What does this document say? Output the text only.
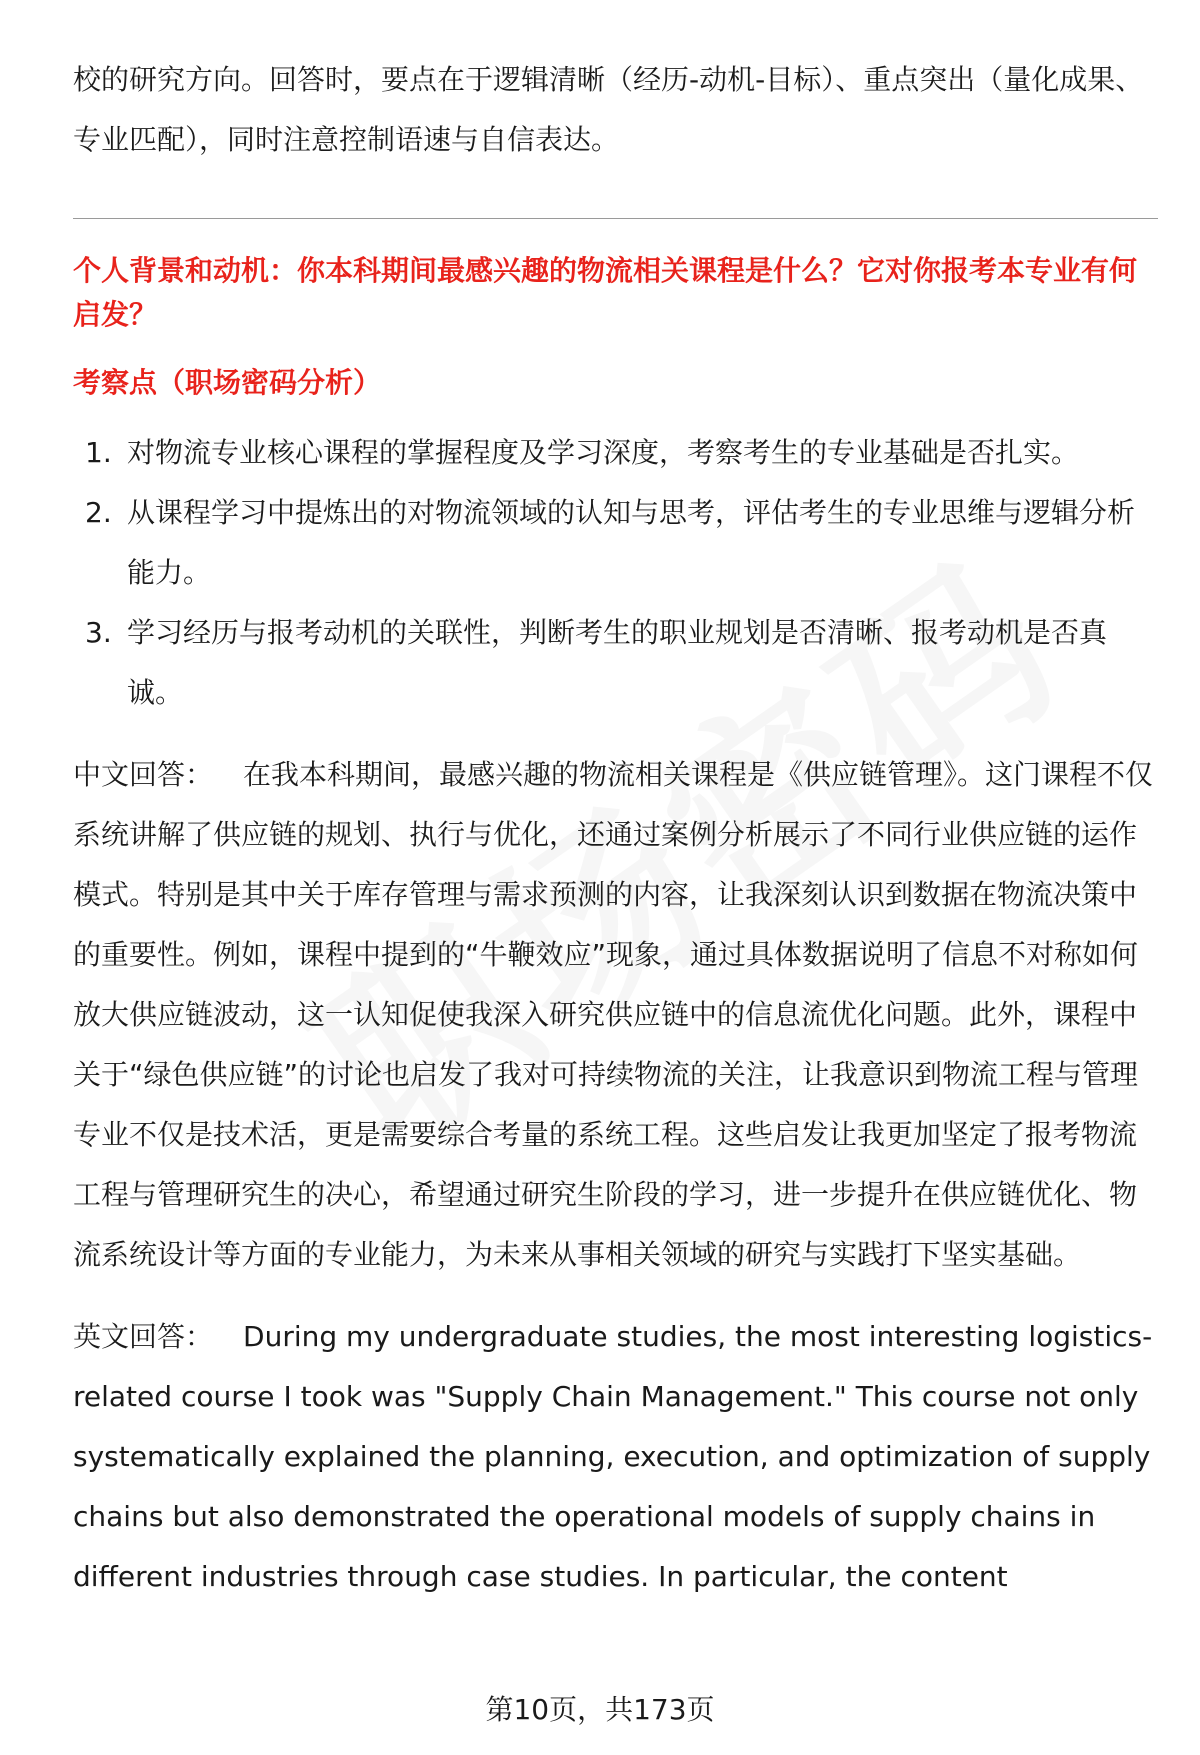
校的研究方向。回答时，要点在于逻辑清晰（经历-动机-目标）、重点突出（量化成果、专业匹配），同时注意控制语速与自信表达。

个人背景和动机：你本科期间最感兴趣的物流相关课程是什么？它对你报考本专业有何启发？

考察点（职场密码分析）

1. 对物流专业核心课程的掌握程度及学习深度，考察考生的专业基础是否扎实。
2. 从课程学习中提炼出的对物流领域的认知与思考，评估考生的专业思维与逻辑分析能力。
3. 学习经历与报考动机的关联性，判断考生的职业规划是否清晰、报考动机是否真诚。

中文回答： 在我本科期间，最感兴趣的物流相关课程是《供应链管理》。这门课程不仅系统讲解了供应链的规划、执行与优化，还通过案例分析展示了不同行业供应链的运作模式。特别是其中关于库存管理与需求预测的内容，让我深刻认识到数据在物流决策中的重要性。例如，课程中提到的“牛鞭效应”现象，通过具体数据说明了信息不对称如何放大供应链波动，这一认知促使我深入研究供应链中的信息流优化问题。此外，课程中关于“绿色供应链”的讨论也启发了我对可持续物流的关注，让我意识到物流工程与管理专业不仅是技术活，更是需要综合考量的系统工程。这些启发让我更加坚定了报考物流工程与管理研究生的决心，希望通过研究生阶段的学习，进一步提升在供应链优化、物流系统设计等方面的专业能力，为未来从事相关领域的研究与实践打下坚实基础。

英文回答： During my undergraduate studies, the most interesting logistics-related course I took was "Supply Chain Management." This course not only systematically explained the planning, execution, and optimization of supply chains but also demonstrated the operational models of supply chains in different industries through case studies. In particular, the content

第10页，共173页
